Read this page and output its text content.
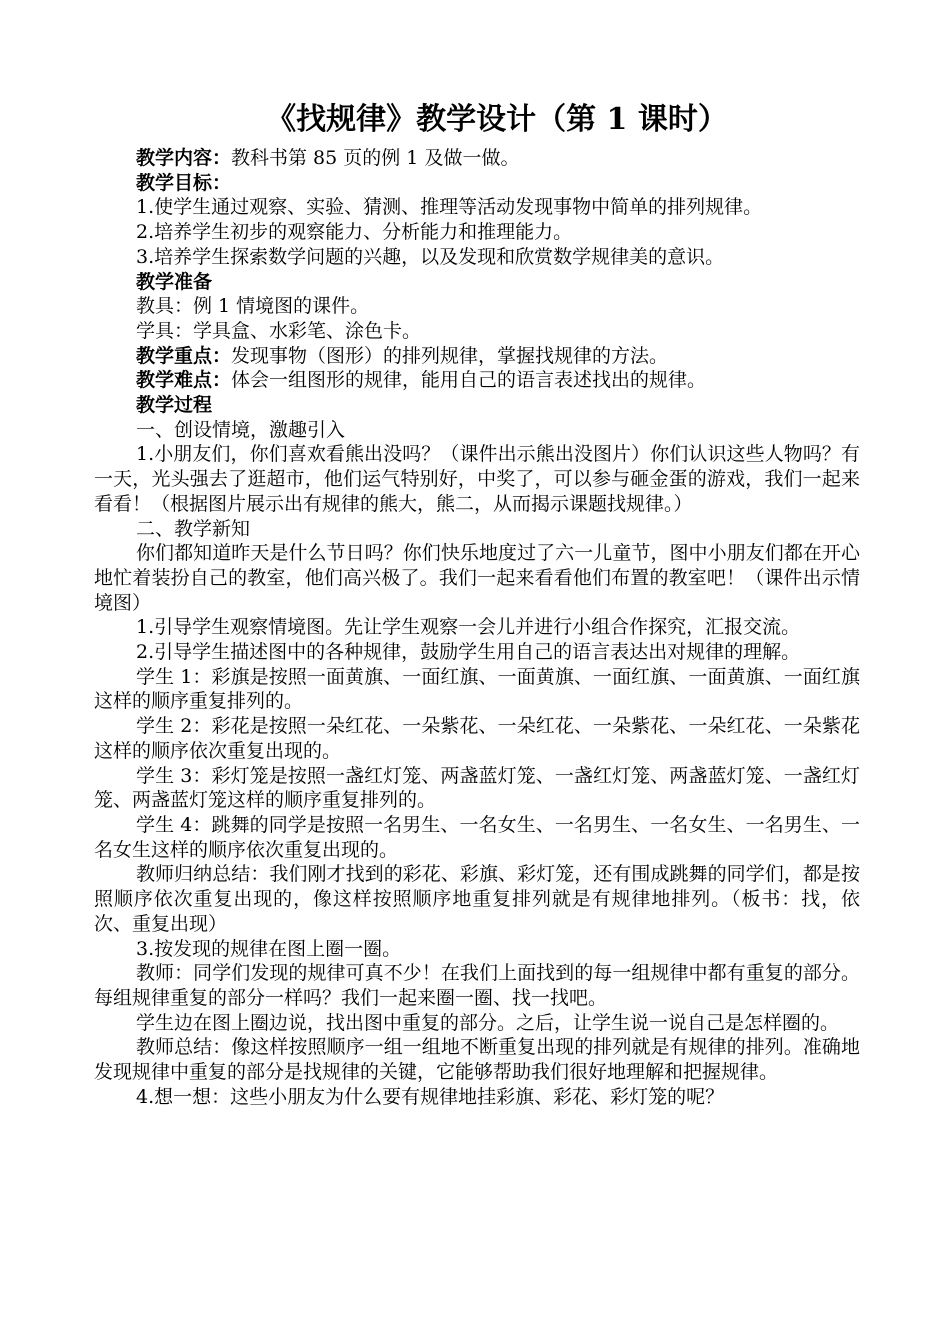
《找规律》教学设计（第 1 课时）

教学内容：教科书第 85 页的例 1 及做一做。

教学目标：

1.使学生通过观察、实验、猜测、推理等活动发现事物中简单的排列规律。

2.培养学生初步的观察能力、分析能力和推理能力。

3.培养学生探索数学问题的兴趣，以及发现和欣赏数学规律美的意识。

教学准备

教具：例 1 情境图的课件。

学具：学具盒、水彩笔、涂色卡。

教学重点：发现事物（图形）的排列规律，掌握找规律的方法。

教学难点：体会一组图形的规律，能用自己的语言表述找出的规律。

教学过程

一、创设情境，激趣引入

1.小朋友们，你们喜欢看熊出没吗？（课件出示熊出没图片）你们认识这些人物吗？有一天，光头强去了逛超市，他们运气特别好，中奖了，可以参与砸金蛋的游戏，我们一起来看看！（根据图片展示出有规律的熊大，熊二，从而揭示课题找规律。）

二、教学新知

你们都知道昨天是什么节日吗？你们快乐地度过了六一儿童节，图中小朋友们都在开心地忙着装扮自己的教室，他们高兴极了。我们一起来看看他们布置的教室吧！（课件出示情境图）

1.引导学生观察情境图。先让学生观察一会儿并进行小组合作探究，汇报交流。

2.引导学生描述图中的各种规律，鼓励学生用自己的语言表达出对规律的理解。

学生 1：彩旗是按照一面黄旗、一面红旗、一面黄旗、一面红旗、一面黄旗、一面红旗这样的顺序重复排列的。

学生 2：彩花是按照一朵红花、一朵紫花、一朵红花、一朵紫花、一朵红花、一朵紫花这样的顺序依次重复出现的。

学生 3：彩灯笼是按照一盏红灯笼、两盏蓝灯笼、一盏红灯笼、两盏蓝灯笼、一盏红灯笼、两盏蓝灯笼这样的顺序重复排列的。

学生 4：跳舞的同学是按照一名男生、一名女生、一名男生、一名女生、一名男生、一名女生这样的顺序依次重复出现的。

教师归纳总结：我们刚才找到的彩花、彩旗、彩灯笼，还有围成跳舞的同学们，都是按照顺序依次重复出现的，像这样按照顺序地重复排列就是有规律地排列。（板书：找，依次、重复出现）

3.按发现的规律在图上圈一圈。

教师：同学们发现的规律可真不少！在我们上面找到的每一组规律中都有重复的部分。每组规律重复的部分一样吗？我们一起来圈一圈、找一找吧。

学生边在图上圈边说，找出图中重复的部分。之后，让学生说一说自己是怎样圈的。

教师总结：像这样按照顺序一组一组地不断重复出现的排列就是有规律的排列。准确地发现规律中重复的部分是找规律的关键，它能够帮助我们很好地理解和把握规律。

4.想一想：这些小朋友为什么要有规律地挂彩旗、彩花、彩灯笼的呢？
